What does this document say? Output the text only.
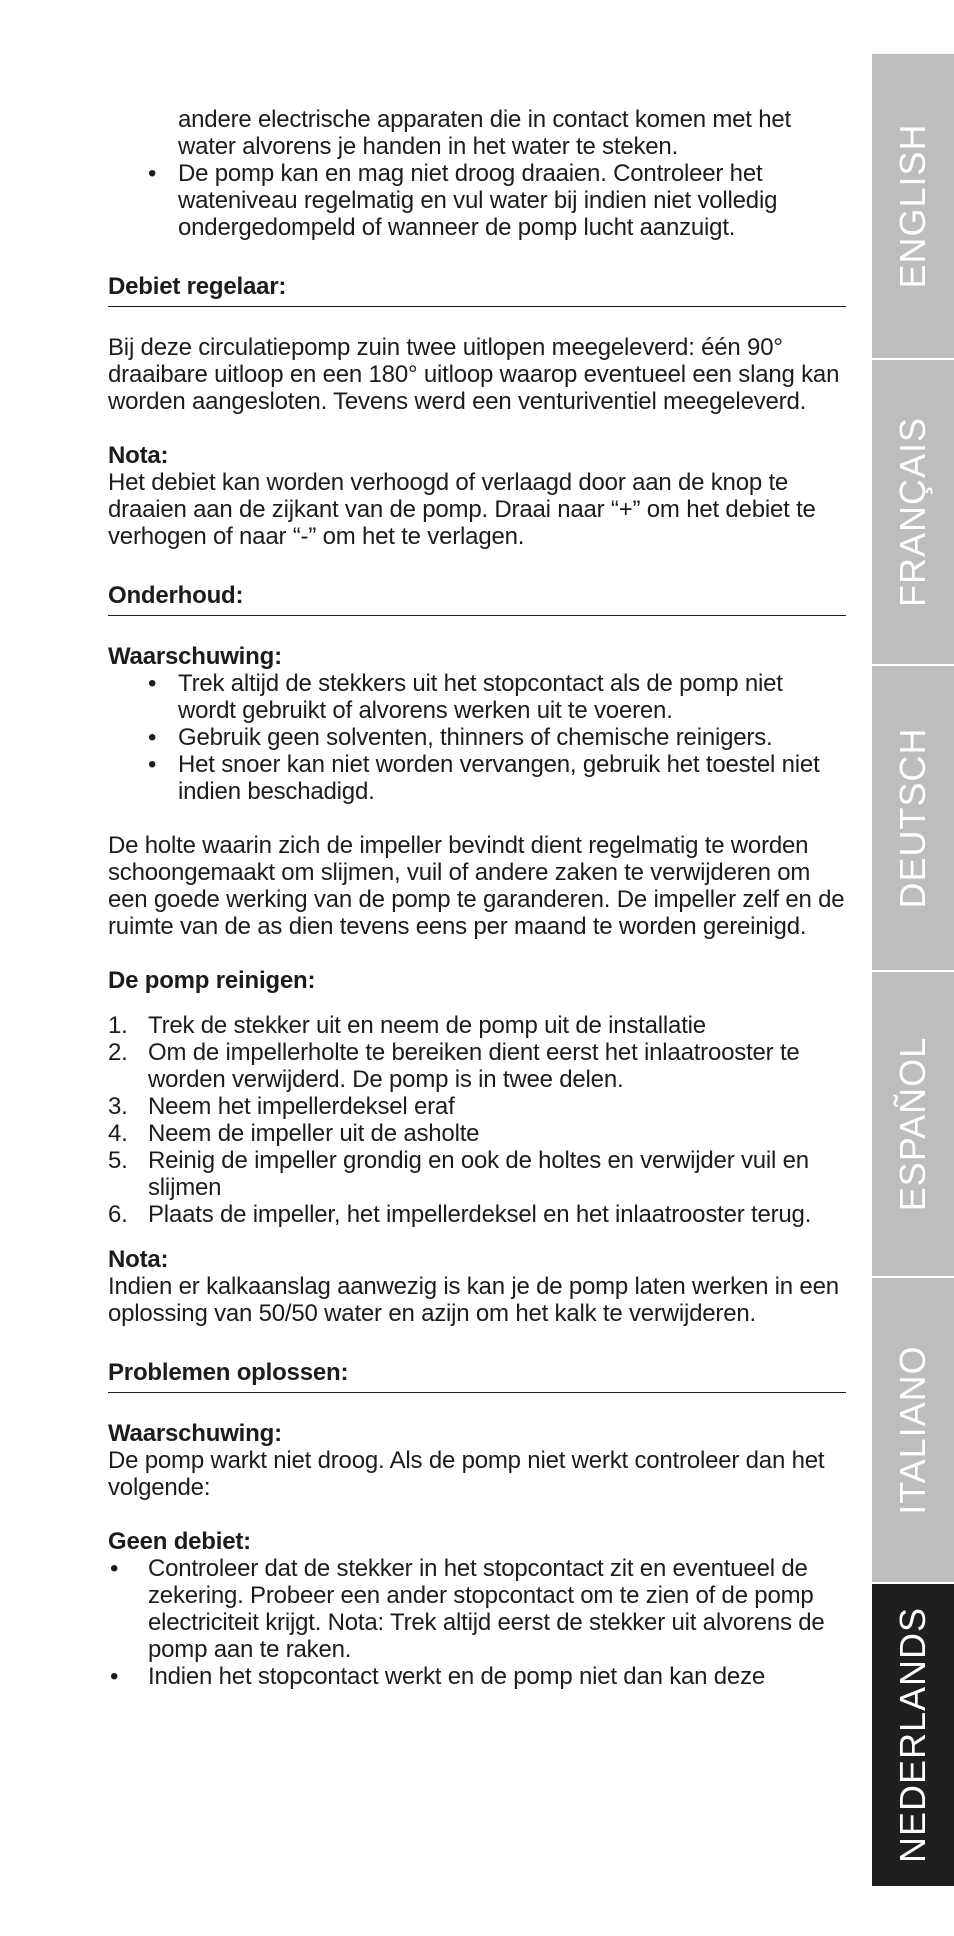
andere electrische apparaten die in contact komen met het water alvorens je handen in het water te steken.

• De pomp kan en mag niet droog draaien. Controleer het wateniveau regelmatig en vul water bij indien niet volledig ondergedompeld of wanneer de pomp lucht aanzuigt.
Debiet regelaar:

Bij deze circulatiepomp zuin twee uitlopen meegeleverd: één 90° draaibare uitloop en een 180° uitloop waarop eventueel een slang kan worden aangesloten. Tevens werd een venturiventiel meegeleverd.

Nota:

Het debiet kan worden verhoogd of verlaagd door aan de knop te draaien aan de zijkant van de pomp. Draai naar “+” om het debiet te verhogen of naar “-” om het te verlagen.

Onderhoud:
Waarschuwing:
• Trek altijd de stekkers uit het stopcontact als de pomp niet wordt gebruikt of alvorens werken uit te voeren.
• Gebruik geen solventen, thinners of chemische reinigers.
• Het snoer kan niet worden vervangen, gebruik het toestel niet indien beschadigd.

De holte waarin zich de impeller bevindt dient regelmatig te worden schoongemaakt om slijmen, vuil of andere zaken te verwijderen om een goede werking van de pomp te garanderen. De impeller zelf en de ruimte van de as dien tevens eens per maand te worden gereinigd.

De pomp reinigen:
1. Trek de stekker uit en neem de pomp uit de installatie
2. Om de impellerholte te bereiken dient eerst het inlaatrooster te worden verwijderd. De pomp is in twee delen.
3. Neem het impellerdeksel eraf
4. Neem de impeller uit de asholte
5. Reinig de impeller grondig en ook de holtes en verwijder vuil en slijmen
6. Plaats de impeller, het impellerdeksel en het inlaatrooster terug.
Nota:

Indien er kalkaanslag aanwezig is kan je de pomp laten werken in een oplossing van 50/50 water en azijn om het kalk te verwijderen.

Problemen oplossen:
Waarschuwing:

De pomp warkt niet droog. Als de pomp niet werkt controleer dan het volgende:

Geen debiet:
• Controleer dat de stekker in het stopcontact zit en eventueel de zekering. Probeer een ander stopcontact om te zien of de pomp electriciteit krijgt. Nota: Trek altijd eerst de stekker uit alvorens de pomp aan te raken.
• Indien het stopcontact werkt en de pomp niet dan kan deze
ENGLISH
FRANÇAIS
DEUTSCH
ESPAÑOL
ITALIANO
NEDERLANDS
